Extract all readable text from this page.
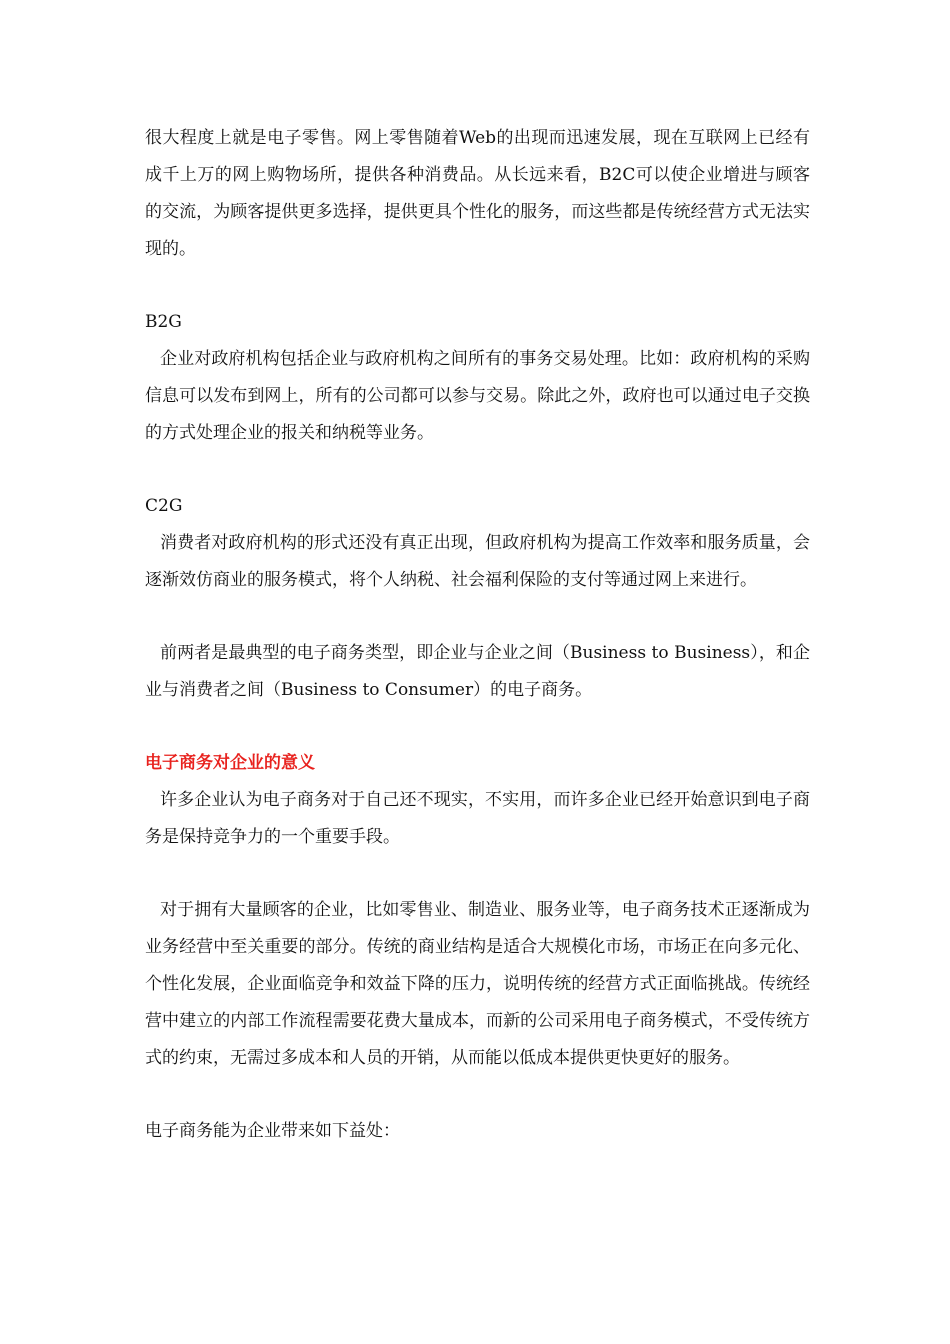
很大程度上就是电子零售。网上零售随着Web的出现而迅速发展，现在互联网上已经有成千上万的网上购物场所，提供各种消费品。从长远来看，B2C可以使企业增进与顾客的交流，为顾客提供更多选择，提供更具个性化的服务，而这些都是传统经营方式无法实现的。

B2G

企业对政府机构包括企业与政府机构之间所有的事务交易处理。比如：政府机构的采购信息可以发布到网上，所有的公司都可以参与交易。除此之外，政府也可以通过电子交换的方式处理企业的报关和纳税等业务。

C2G

消费者对政府机构的形式还没有真正出现，但政府机构为提高工作效率和服务质量，会逐渐效仿商业的服务模式，将个人纳税、社会福利保险的支付等通过网上来进行。

前两者是最典型的电子商务类型，即企业与企业之间（Business to Business），和企业与消费者之间（Business to Consumer）的电子商务。

电子商务对企业的意义

许多企业认为电子商务对于自己还不现实，不实用，而许多企业已经开始意识到电子商务是保持竞争力的一个重要手段。

对于拥有大量顾客的企业，比如零售业、制造业、服务业等，电子商务技术正逐渐成为业务经营中至关重要的部分。传统的商业结构是适合大规模化市场，市场正在向多元化、个性化发展，企业面临竞争和效益下降的压力，说明传统的经营方式正面临挑战。传统经营中建立的内部工作流程需要花费大量成本，而新的公司采用电子商务模式，不受传统方式的约束，无需过多成本和人员的开销，从而能以低成本提供更快更好的服务。

电子商务能为企业带来如下益处：
